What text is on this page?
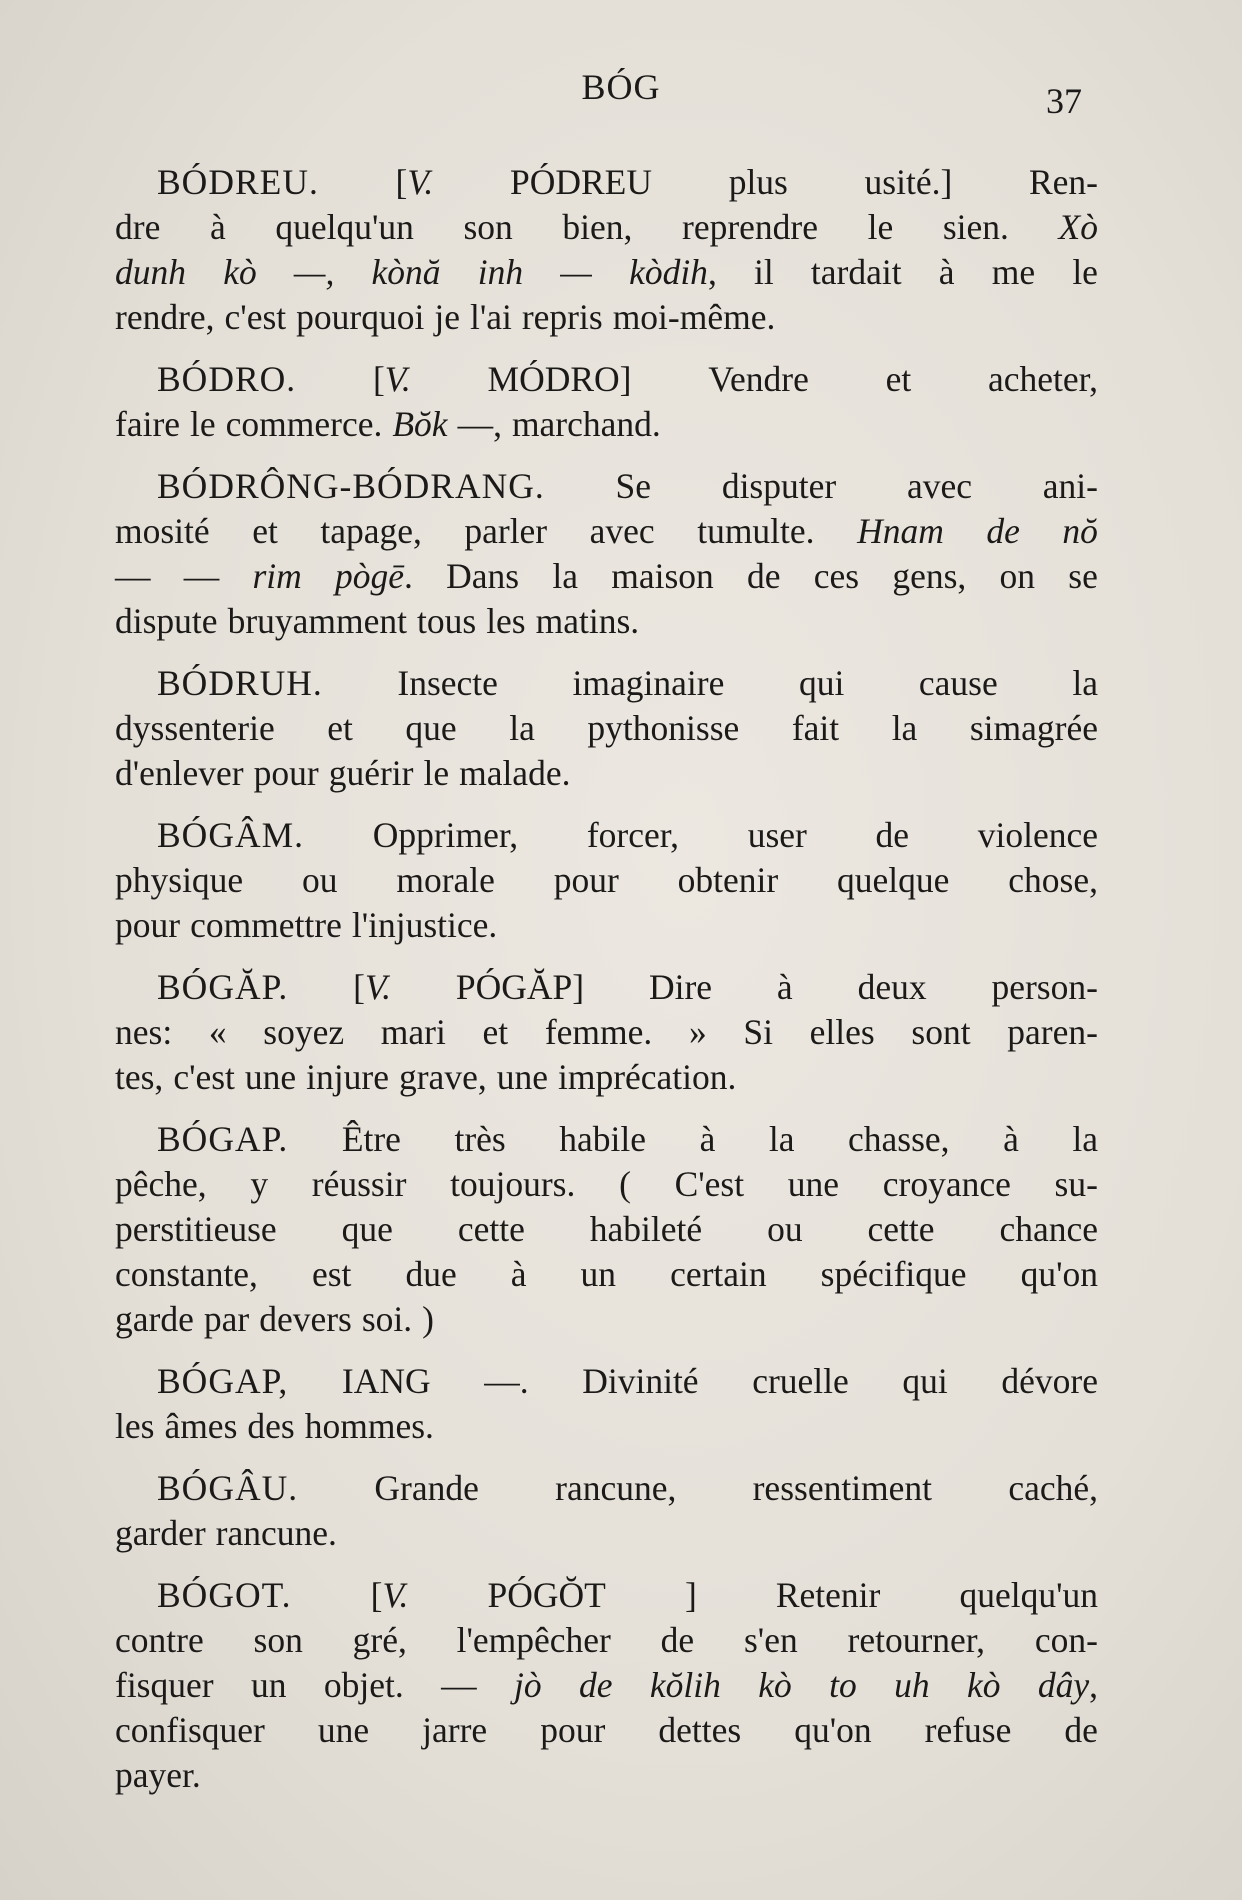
BÓG	37
BÓDREU. [V. PÓDREU plus usité.] Ren-
dre à quelqu'un son bien, reprendre le sien. Xò
dunh kò —, kònă inh — kòdih, il tardait à me le
rendre, c'est pourquoi je l'ai repris moi-même.
BÓDRO. [V. MÓDRO] Vendre et acheter,
faire le commerce. Bŏk —, marchand.
BÓDRÔNG-BÓDRANG. Se disputer avec ani-
mosité et tapage, parler avec tumulte. Hnam de nŏ
— — rim pògē. Dans la maison de ces gens, on se
dispute bruyamment tous les matins.
BÓDRUH. Insecte imaginaire qui cause la
dyssenterie et que la pythonisse fait la simagrée
d'enlever pour guérir le malade.
BÓGÂM. Opprimer, forcer, user de violence
physique ou morale pour obtenir quelque chose,
pour commettre l'injustice.
BÓGĂP. [V. PÓGĂP] Dire à deux person-
nes: « soyez mari et femme. » Si elles sont paren-
tes, c'est une injure grave, une imprécation.
BÓGAP. Être très habile à la chasse, à la
pêche, y réussir toujours. ( C'est une croyance su-
perstitieuse que cette habileté ou cette chance
constante, est due à un certain spécifique qu'on
garde par devers soi. )
BÓGAP, IANG —. Divinité cruelle qui dévore
les âmes des hommes.
BÓGÂU. Grande rancune, ressentiment caché,
garder rancune.
BÓGOT. [V. PÓGŎT ] Retenir quelqu'un
contre son gré, l'empêcher de s'en retourner, con-
fisquer un objet. — jò de kŏlih kò to uh kò dây,
confisquer une jarre pour dettes qu'on refuse de
payer.
